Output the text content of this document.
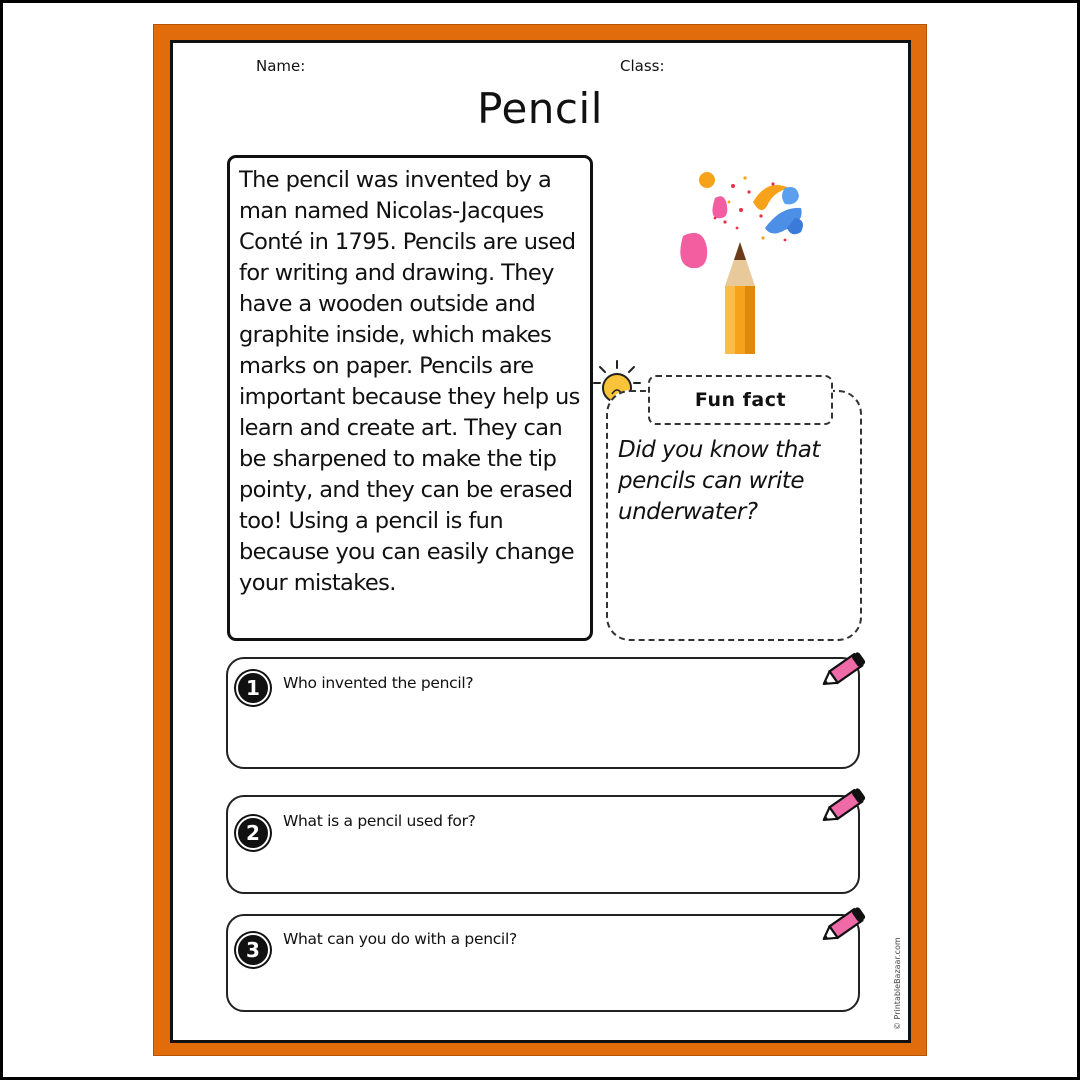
Name:	Class:
Pencil
The pencil was invented by a man named Nicolas-Jacques Conté in 1795. Pencils are used for writing and drawing. They have a wooden outside and graphite inside, which makes marks on paper. Pencils are important because they help us learn and create art. They can be sharpened to make the tip pointy, and they can be erased too! Using a pencil is fun because you can easily change your mistakes.
Fun fact
Did you know that pencils can write underwater?
1	Who invented the pencil?
2	What is a pencil used for?
3	What can you do with a pencil?	© PrintableBazaar.com
